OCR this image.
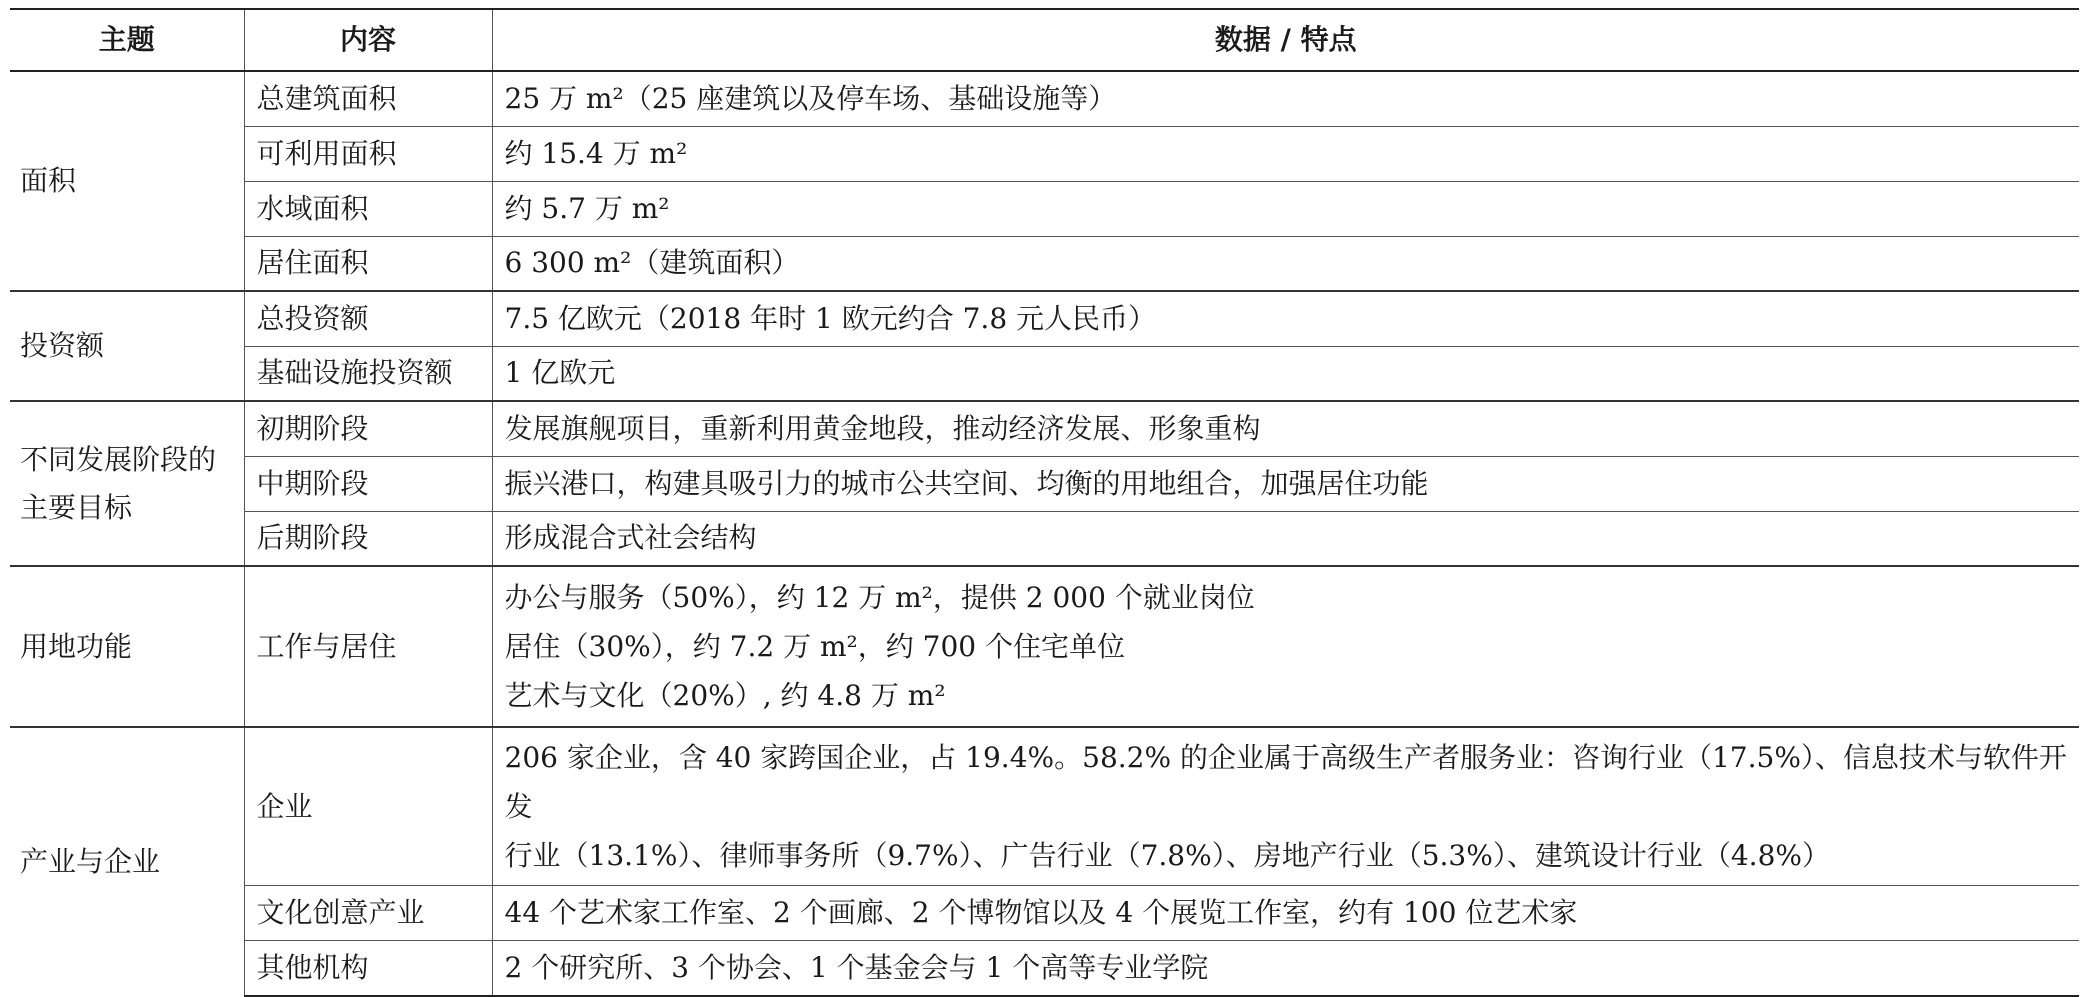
主题	内容	数据 / 特点
面积	总建筑面积	25 万 m²（25 座建筑以及停车场、基础设施等）
	可利用面积	约 15.4 万 m²
	水域面积	约 5.7 万 m²
	居住面积	6 300 m²（建筑面积）
投资额	总投资额	7.5 亿欧元（2018 年时 1 欧元约合 7.8 元人民币）
	基础设施投资额	1 亿欧元

不同发展阶段的
主要目标	初期阶段	发展旗舰项目，重新利用黄金地段，推动经济发展、形象重构
	中期阶段	振兴港口，构建具吸引力的城市公共空间、均衡的用地组合，加强居住功能
	后期阶段	形成混合式社会结构
用地功能	工作与居住	办公与服务（50%），约 12 万 m²，提供 2 000 个就业岗位
居住（30%），约 7.2 万 m²，约 700 个住宅单位
艺术与文化（20%）, 约 4.8 万 m²

产业与企业	企业	206 家企业，含 40 家跨国企业，占 19.4%。58.2% 的企业属于高级生产者服务业：咨询行业（17.5%）、信息技术与软件开发
行业（13.1%）、律师事务所（9.7%）、广告行业（7.8%）、房地产行业（5.3%）、建筑设计行业（4.8%）

	文化创意产业	44 个艺术家工作室、2 个画廊、2 个博物馆以及 4 个展览工作室，约有 100 位艺术家
	其他机构	2 个研究所、3 个协会、1 个基金会与 1 个高等专业学院
